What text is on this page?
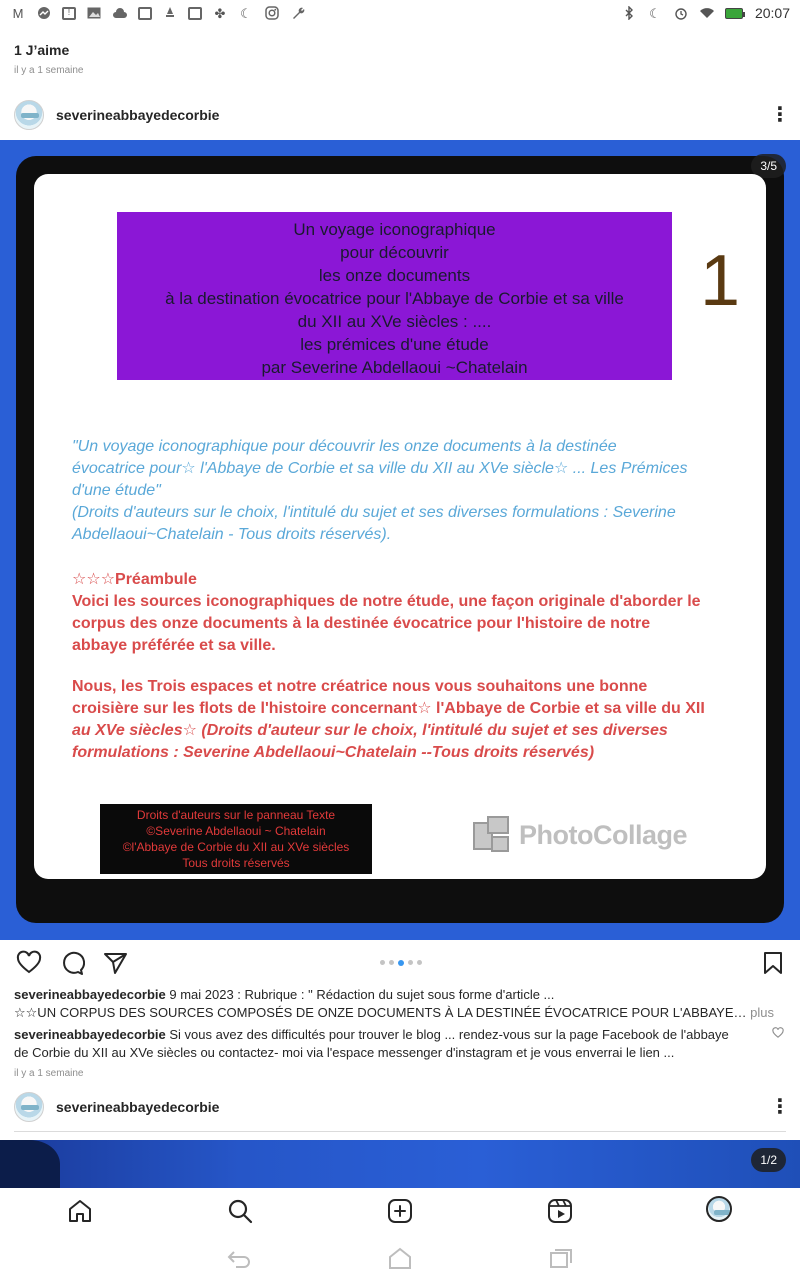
M	!	✤ ☾	☾	20:07
1 J’aime
il y a 1 semaine
severineabbayedecorbie	⋮
3/5
Un voyage iconographique
pour découvrir
les onze documents
à la destination évocatrice pour l'Abbaye de Corbie et sa ville
du XII au XVe siècles : ....
les prémices d'une étude
par Severine Abdellaoui ~Chatelain
1
"Un voyage iconographique pour découvrir les onze documents à la destinée
évocatrice pour☆ l'Abbaye de Corbie et sa ville du XII au XVe siècle☆ ... Les Prémices
d'une étude"
(Droits d'auteurs sur le choix, l'intitulé du sujet et ses diverses formulations : Severine
Abdellaoui~Chatelain - Tous droits réservés).
☆☆☆Préambule
Voici les sources iconographiques de notre étude, une façon originale d'aborder le
corpus des onze documents à la destinée évocatrice pour l'histoire de notre
abbaye préférée et sa ville.
Nous, les Trois espaces et notre créatrice nous vous souhaitons une bonne
croisière sur les flots de l'histoire concernant☆ l'Abbaye de Corbie et sa ville du XII
au XVe siècles☆ (Droits d'auteur sur le choix, l'intitulé du sujet et ses diverses
formulations : Severine Abdellaoui~Chatelain --Tous droits réservés)
Droits d'auteurs sur le panneau Texte
©Severine Abdellaoui ~ Chatelain
©l'Abbaye de Corbie du XII au XVe siècles
Tous droits réservés
PhotoCollage
severineabbayedecorbie 9 mai 2023 : Rubrique : " Rédaction du sujet sous forme d'article ...
☆☆UN CORPUS DES SOURCES COMPOSÉS DE ONZE DOCUMENTS À LA DESTINÉE ÉVOCATRICE POUR L'ABBAYE… plus
severineabbayedecorbie Si vous avez des difficultés pour trouver le blog ... rendez-vous sur la page Facebook de l'abbaye
de Corbie du XII au XVe siècles ou contactez- moi via l'espace messenger d'instagram et je vous enverrai le lien ...
il y a 1 semaine
severineabbayedecorbie	⋮
1/2
